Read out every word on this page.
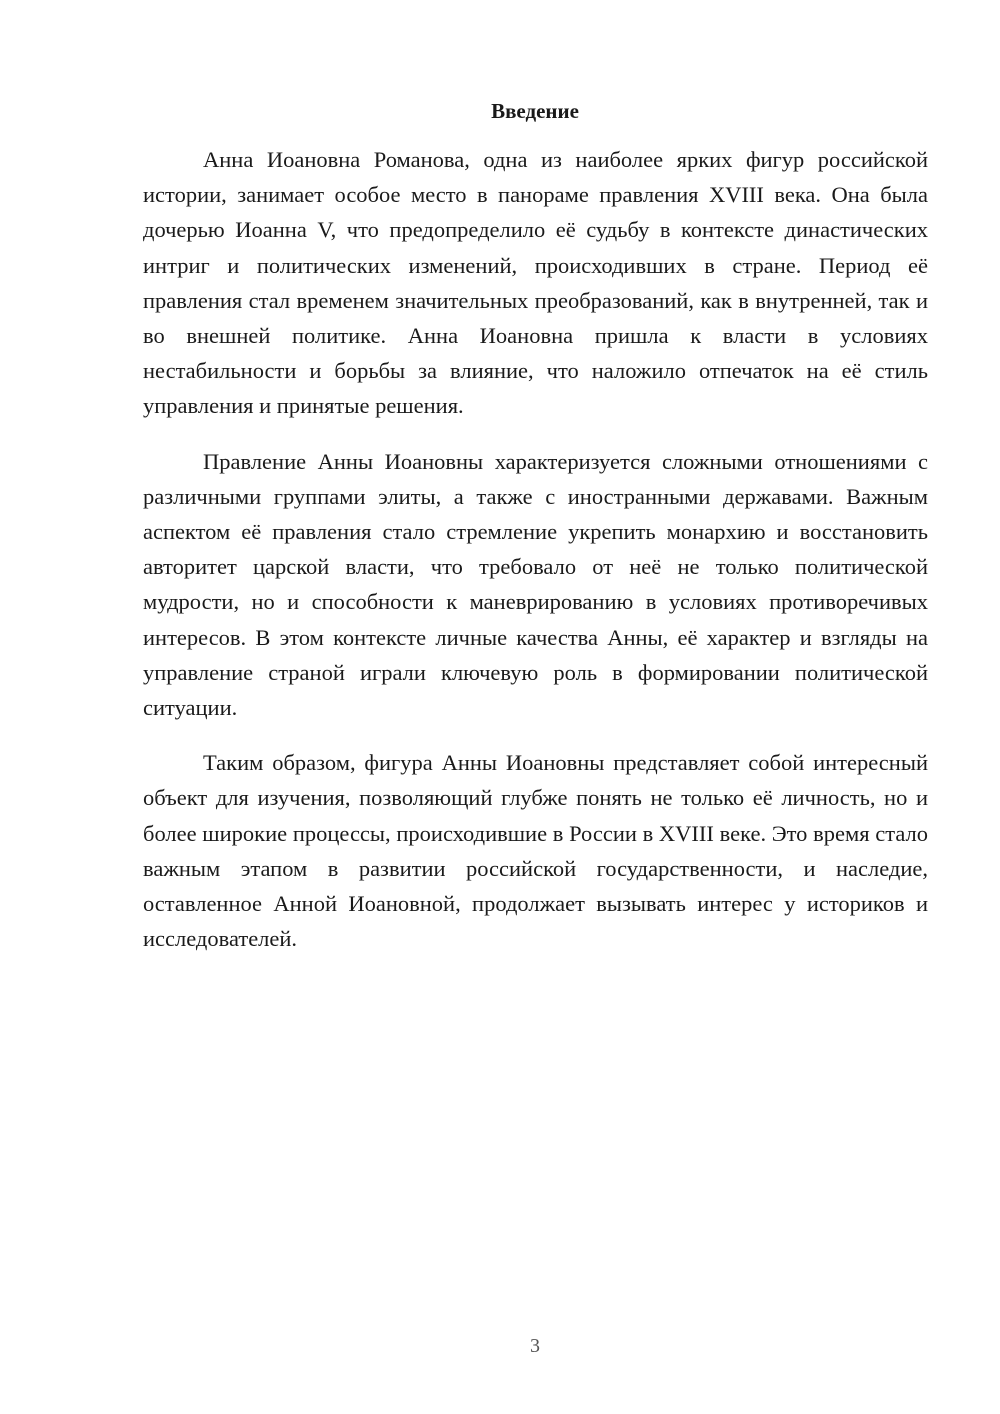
Введение

Анна Иоановна Романова, одна из наиболее ярких фигур российской истории, занимает особое место в панораме правления XVIII века. Она была дочерью Иоанна V, что предопределило её судьбу в контексте династических интриг и политических изменений, происходивших в стране. Период её правления стал временем значительных преобразований, как в внутренней, так и во внешней политике. Анна Иоановна пришла к власти в условиях нестабильности и борьбы за влияние, что наложило отпечаток на её стиль управления и принятые решения.

Правление Анны Иоановны характеризуется сложными отношениями с различными группами элиты, а также с иностранными державами. Важным аспектом её правления стало стремление укрепить монархию и восстановить авторитет царской власти, что требовало от неё не только политической мудрости, но и способности к маневрированию в условиях противоречивых интересов. В этом контексте личные качества Анны, её характер и взгляды на управление страной играли ключевую роль в формировании политической ситуации.

Таким образом, фигура Анны Иоановны представляет собой интересный объект для изучения, позволяющий глубже понять не только её личность, но и более широкие процессы, происходившие в России в XVIII веке. Это время стало важным этапом в развитии российской государственности, и наследие, оставленное Анной Иоановной, продолжает вызывать интерес у историков и исследователей.

3
